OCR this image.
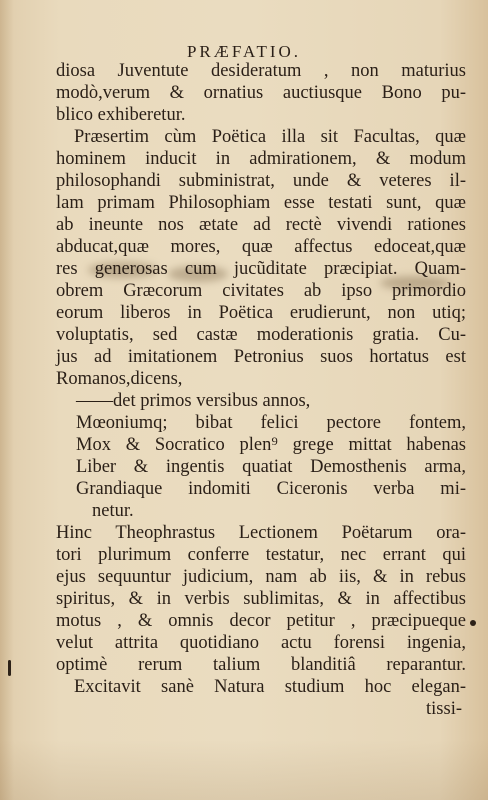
PRÆFATIO.
diosa Juventute desideratum , non maturius
modò,verum & ornatius auctiusque Bono pu-
blico exhiberetur.
Præsertim cùm Poëtica illa sit Facultas, quæ
hominem inducit in admirationem, & modum
philosophandi subministrat, unde & veteres il-
lam primam Philosophiam esse testati sunt, quæ
ab ineunte nos ætate ad rectè vivendi rationes
abducat,quæ mores, quæ affectus edoceat,quæ
res generosas cum jucũditate præcipiat. Quam-
obrem Græcorum civitates ab ipso primordio
eorum liberos in Poëtica erudierunt, non utiq;
voluptatis, sed castæ moderationis gratia. Cu-
jus ad imitationem Petronius suos hortatus est
Romanos,dicens,
——det primos versibus annos,
Mœoniumq; bibat felici pectore fontem,
Mox & Socratico plen⁹ grege mittat habenas
Liber & ingentis quatiat Demosthenis arma,
Grandiaque indomiti Ciceronis verba mi-
netur.
Hinc Theophrastus Lectionem Poëtarum ora-
tori plurimum conferre testatur, nec errant qui
ejus sequuntur judicium, nam ab iis, & in rebus
spiritus, & in verbis sublimitas, & in affectibus
motus , & omnis decor petitur , præcipueque
velut attrita quotidiano actu forensi ingenia,
optimè rerum talium blanditiâ reparantur.
Excitavit sanè Natura studium hoc elegan-
tissi-
